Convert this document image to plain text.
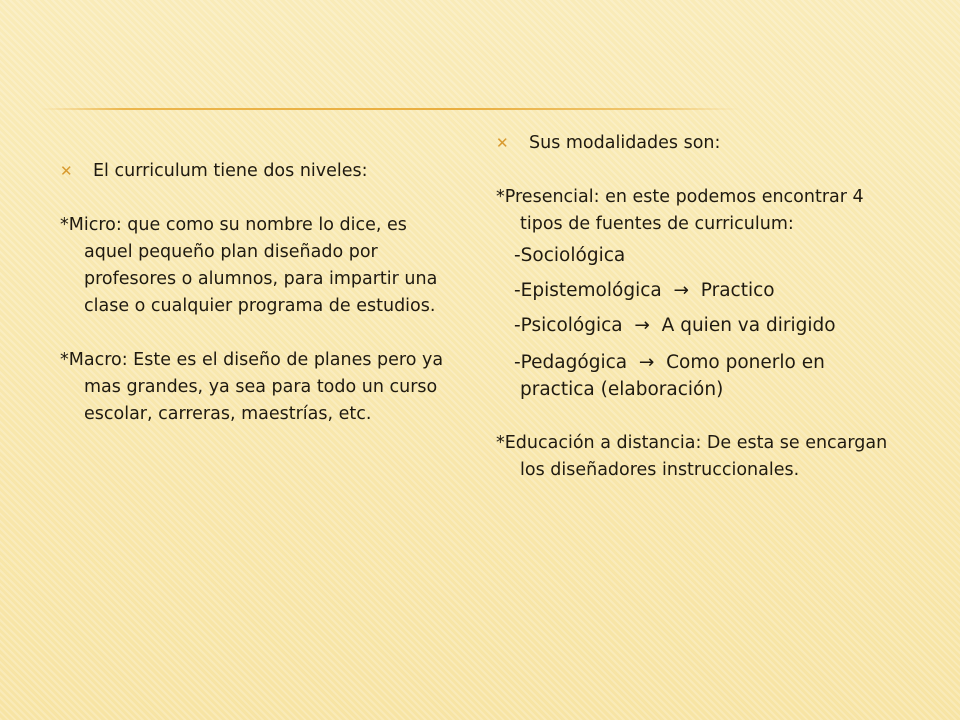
✕ El curriculum tiene dos niveles:

*Micro: que como su nombre lo dice, es aquel pequeño plan diseñado por profesores o alumnos, para impartir una clase o cualquier programa de estudios.

*Macro: Este es el diseño de planes pero ya mas grandes, ya sea para todo un curso escolar, carreras, maestrías, etc.

✕ Sus modalidades son:

*Presencial: en este podemos encontrar 4 tipos de fuentes de curriculum:

-Sociológica

-Epistemológica  →  Practico

-Psicológica  →  A quien va dirigido

-Pedagógica  →  Como ponerlo en practica (elaboración)

*Educación a distancia: De esta se encargan los diseñadores instruccionales.
